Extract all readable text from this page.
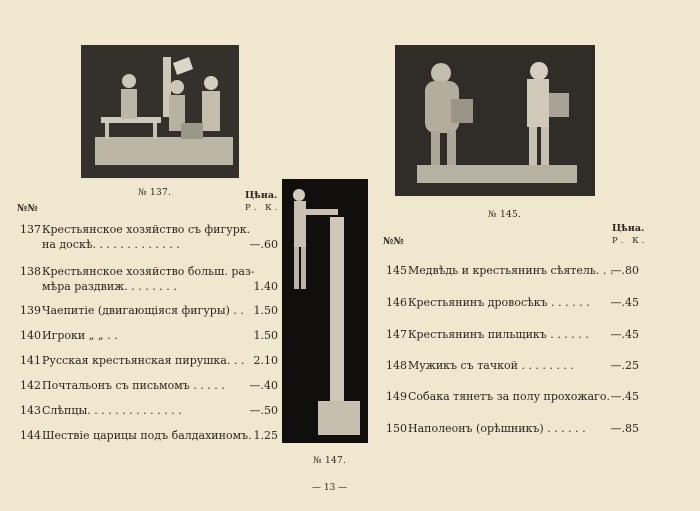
№ 137.
№ 147.
№ 145.
№№
Цѣна.
Р. К.
137Крестьянское хозяйство съ фигурк.
на доскѣ. . . . . . . . . . . . .	—.60
138Крестьянское хозяйство больш. раз-
мѣра раздвиж. . . . . . . .	1.40
139Чаепитіе (двигающіяся фигуры) . . 1.50
140Игроки „ „ . .	1.50
141Русская крестьянская пирушка. . . 2.10
142Почтальонъ съ письмомъ . . . . . —.40
143Слѣпцы. . . . . . . . . . . . . .	—.50
144Шествіе царицы подъ балдахиномъ. 1.25
№№
Цѣна.
Р. К.
145Медвѣдь и крестьянинъ сѣятель. . .
—.80
146Крестьянинъ дровосѣкъ . . . . . . —.45
147Крестьянинъ пильщикъ . . . . . . —.45
148Мужикъ съ тачкой . . . . . . . .	—.25
149Собака тянетъ за полу прохожаго. —.45
150Наполеонъ (орѣшникъ) . . . . . . —.85
— 13 —
